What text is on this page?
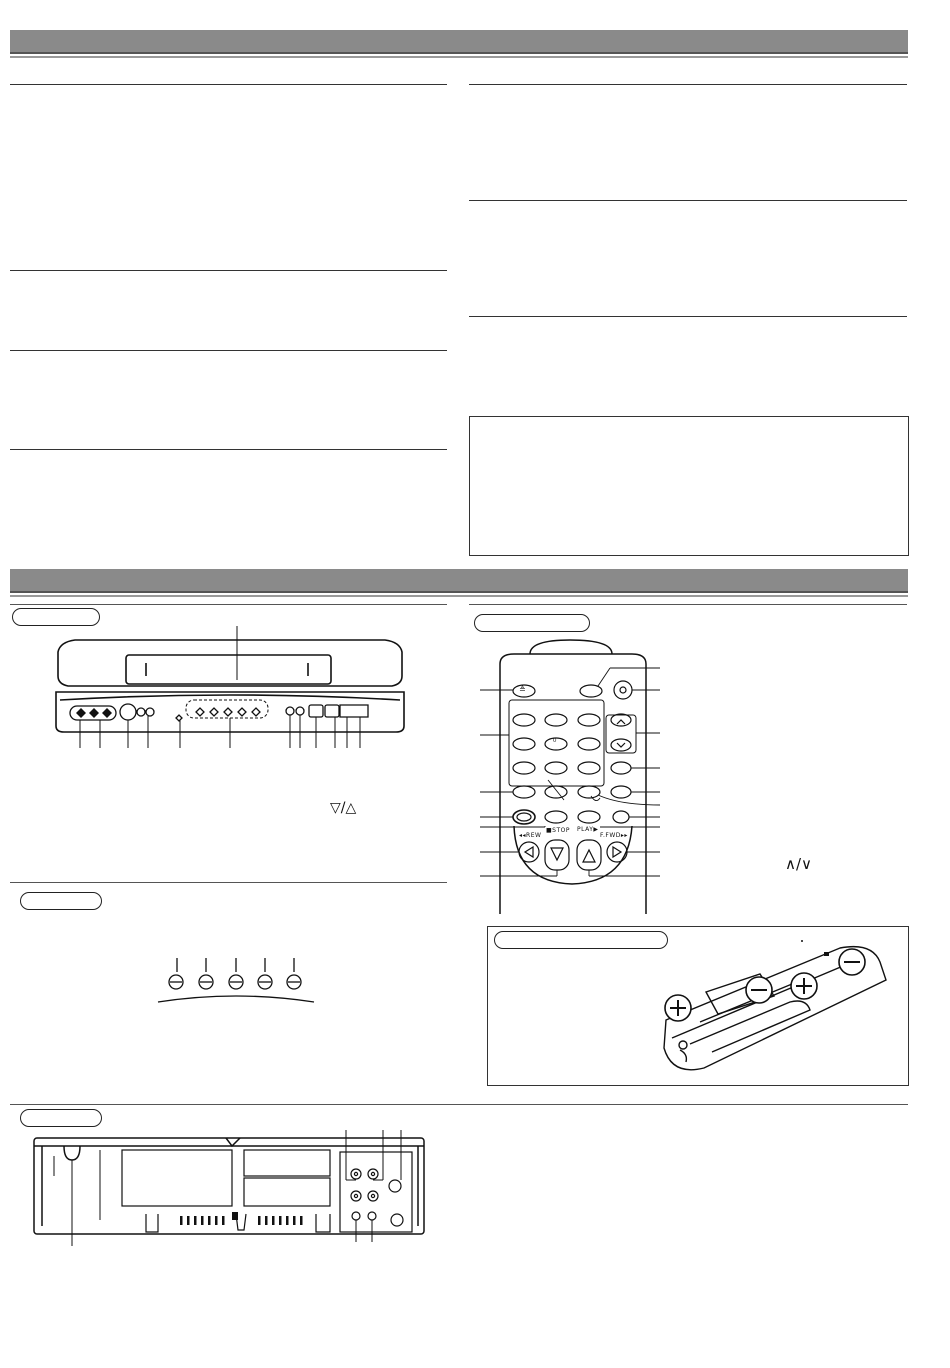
▽/△
≜
0
◂◂REW
■STOP PLAY▶
F.FWD▸▸
∧/∨
